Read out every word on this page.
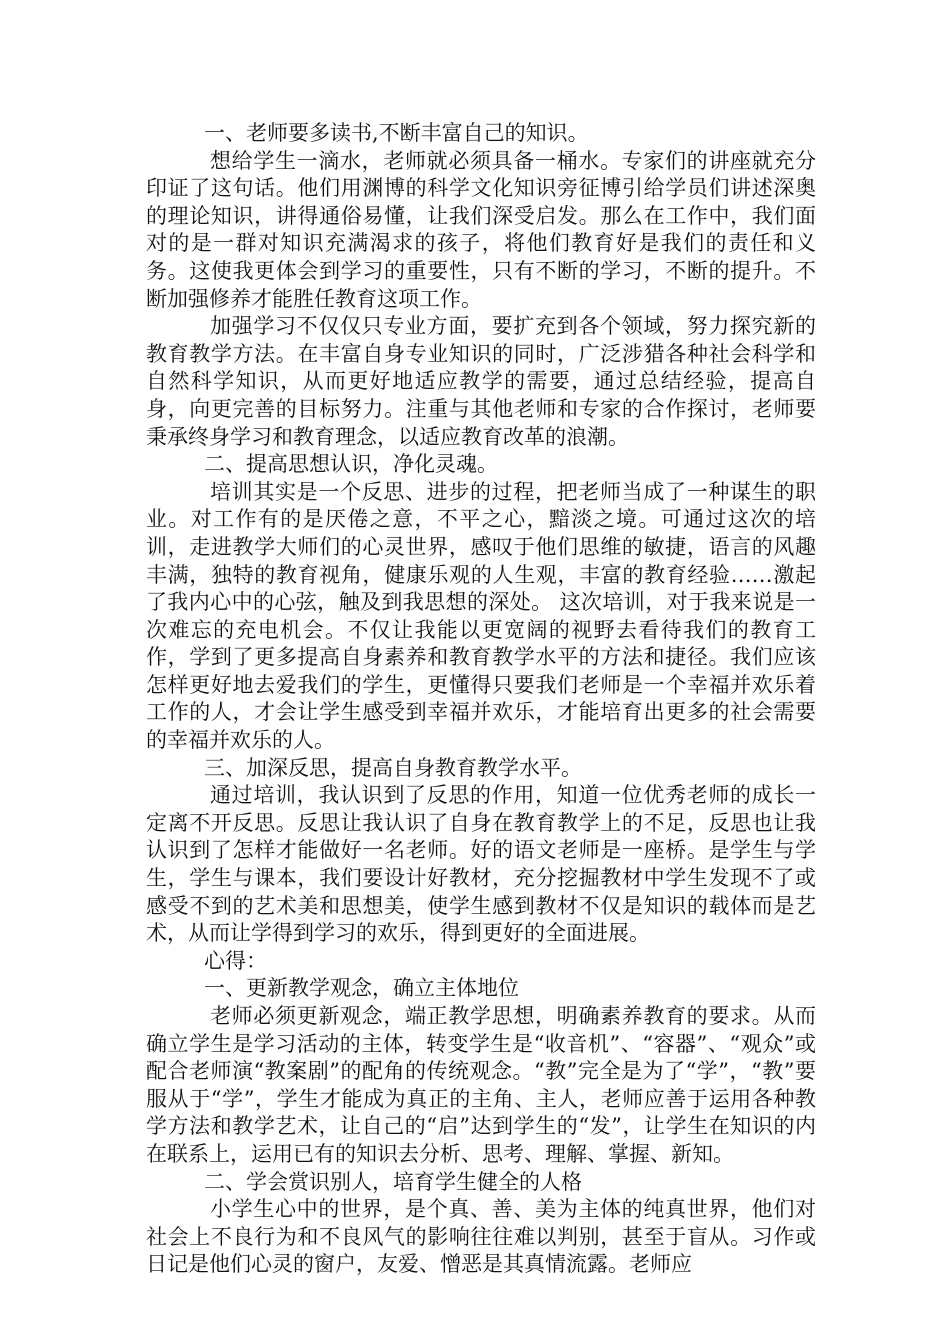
一、老师要多读书,不断丰富自己的知识。

想给学生一滴水，老师就必须具备一桶水。专家们的讲座就充分印证了这句话。他们用渊博的科学文化知识旁征博引给学员们讲述深奥的理论知识，讲得通俗易懂，让我们深受启发。那么在工作中，我们面对的是一群对知识充满渴求的孩子，将他们教育好是我们的责任和义务。这使我更体会到学习的重要性，只有不断的学习，不断的提升。不断加强修养才能胜任教育这项工作。

加强学习不仅仅只专业方面，要扩充到各个领域，努力探究新的教育教学方法。在丰富自身专业知识的同时，广泛涉猎各种社会科学和自然科学知识，从而更好地适应教学的需要，通过总结经验，提高自身，向更完善的目标努力。注重与其他老师和专家的合作探讨，老师要秉承终身学习和教育理念，以适应教育改革的浪潮。

二、提高思想认识，净化灵魂。

培训其实是一个反思、进步的过程，把老师当成了一种谋生的职业。对工作有的是厌倦之意，不平之心，黯淡之境。可通过这次的培训，走进教学大师们的心灵世界，感叹于他们思维的敏捷，语言的风趣丰满，独特的教育视角，健康乐观的人生观，丰富的教育经验……激起了我内心中的心弦，触及到我思想的深处。 这次培训，对于我来说是一次难忘的充电机会。不仅让我能以更宽阔的视野去看待我们的教育工作，学到了更多提高自身素养和教育教学水平的方法和捷径。我们应该怎样更好地去爱我们的学生，更懂得只要我们老师是一个幸福并欢乐着工作的人，才会让学生感受到幸福并欢乐，才能培育出更多的社会需要的幸福并欢乐的人。

三、加深反思，提高自身教育教学水平。

通过培训，我认识到了反思的作用，知道一位优秀老师的成长一定离不开反思。反思让我认识了自身在教育教学上的不足，反思也让我认识到了怎样才能做好一名老师。好的语文老师是一座桥。是学生与学生，学生与课本，我们要设计好教材，充分挖掘教材中学生发现不了或感受不到的艺术美和思想美，使学生感到教材不仅是知识的载体而是艺术，从而让学得到学习的欢乐，得到更好的全面进展。

心得：

一、更新教学观念，确立主体地位

老师必须更新观念，端正教学思想，明确素养教育的要求。从而确立学生是学习活动的主体，转变学生是“收音机”、“容器”、“观众”或配合老师演“教案剧”的配角的传统观念。“教”完全是为了“学”，“教”要服从于“学”，学生才能成为真正的主角、主人，老师应善于运用各种教学方法和教学艺术，让自己的“启”达到学生的“发”，让学生在知识的内在联系上，运用已有的知识去分析、思考、理解、掌握、新知。

二、学会赏识别人，培育学生健全的人格

小学生心中的世界，是个真、善、美为主体的纯真世界，他们对社会上不良行为和不良风气的影响往往难以判别，甚至于盲从。习作或日记是他们心灵的窗户，友爱、憎恶是其真情流露。老师应
